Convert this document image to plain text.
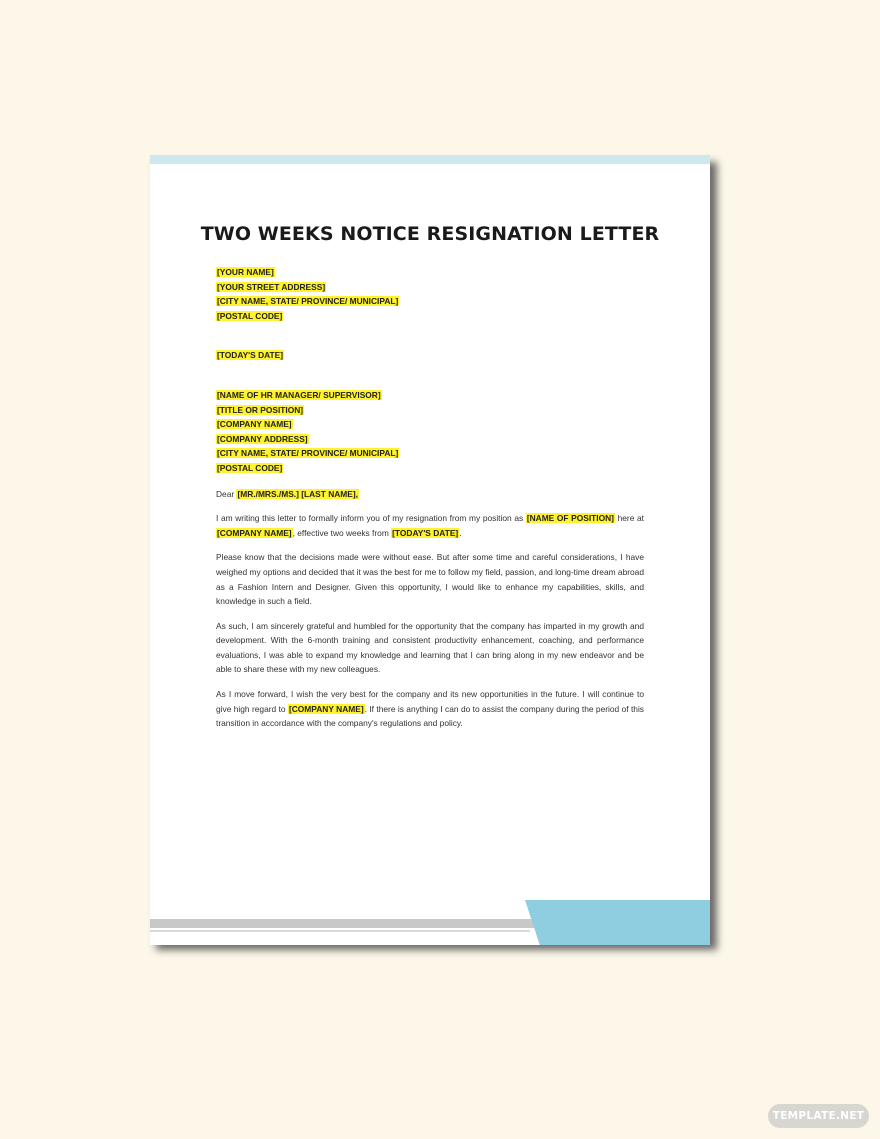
TWO WEEKS NOTICE RESIGNATION LETTER
[YOUR NAME]
[YOUR STREET ADDRESS]
[CITY NAME, STATE/ PROVINCE/ MUNICIPAL]
[POSTAL CODE]
[TODAY'S DATE]
[NAME OF HR MANAGER/ SUPERVISOR]
[TITLE OR POSITION]
[COMPANY NAME]
[COMPANY ADDRESS]
[CITY NAME, STATE/ PROVINCE/ MUNICIPAL]
[POSTAL CODE]

Dear [MR./MRS./MS.] [LAST NAME],

I am writing this letter to formally inform you of my resignation from my position as [NAME OF POSITION] here at [COMPANY NAME], effective two weeks from [TODAY'S DATE].

Please know that the decisions made were without ease. But after some time and careful considerations, I have weighed my options and decided that it was the best for me to follow my field, passion, and long-time dream abroad as a Fashion Intern and Designer. Given this opportunity, I would like to enhance my capabilities, skills, and knowledge in such a field.

As such, I am sincerely grateful and humbled for the opportunity that the company has imparted in my growth and development. With the 6-month training and consistent productivity enhancement, coaching, and performance evaluations, I was able to expand my knowledge and learning that I can bring along in my new endeavor and be able to share these with my new colleagues.

As I move forward, I wish the very best for the company and its new opportunities in the future. I will continue to give high regard to [COMPANY NAME]. If there is anything I can do to assist the company during the period of this transition in accordance with the company's regulations and policy.

TEMPLATE.NET
